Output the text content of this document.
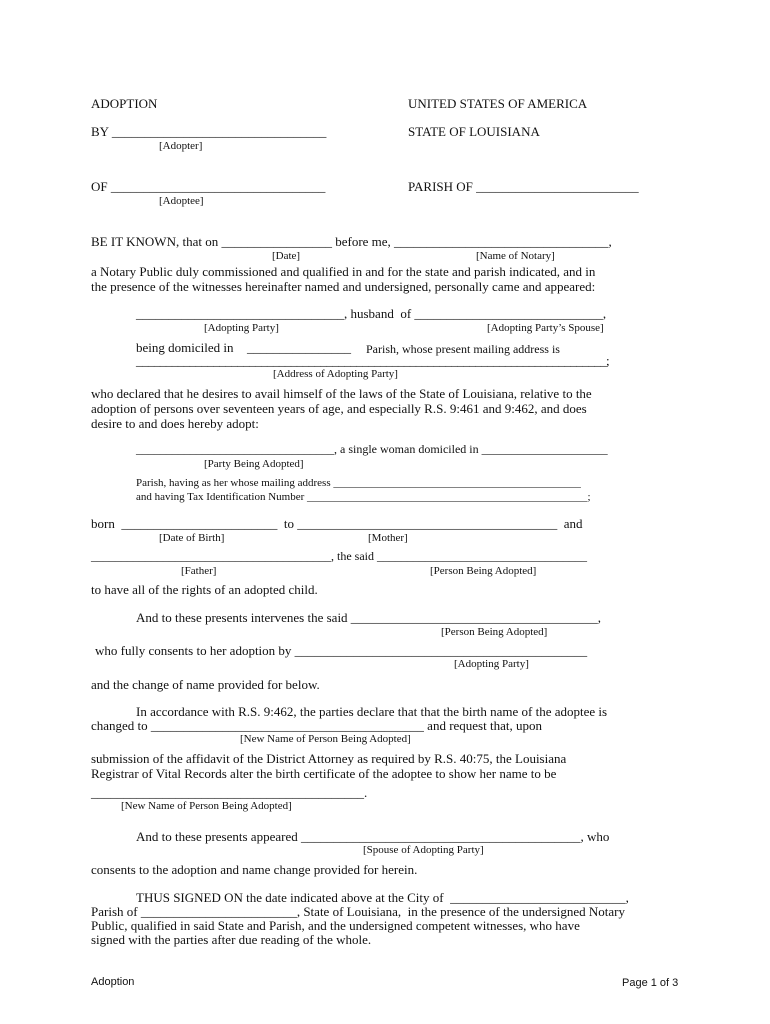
ADOPTION	UNITED STATES OF AMERICA
BY _________________________________	STATE OF LOUISIANA
[Adopter]
OF _________________________________	PARISH OF _________________________
[Adoptee]
BE IT KNOWN, that on _________________ before me, _________________________________,
[Date]	[Name of Notary]
a Notary Public duly commissioned and qualified in and for the state and parish indicated, and in
the presence of the witnesses hereinafter named and undersigned, personally came and appeared:
________________________________, husband  of _____________________________,
[Adopting Party]	[Adopting Party’s Spouse]
being domiciled in ________________ Parish, whose present mailing address is
_______________________________________________________________________________;
[Address of Adopting Party]
who declared that he desires to avail himself of the laws of the State of Louisiana, relative to the
adoption of persons over seventeen years of age, and especially R.S. 9:461 and 9:462, and does
desire to and does hereby adopt:
_________________________________, a single woman domiciled in _____________________
[Party Being Adopted]
Parish, having as her whose mailing address _____________________________________________
and having Tax Identification Number ___________________________________________________;
born  ________________________  to ________________________________________  and
[Date of Birth]	[Mother]
________________________________________, the said ___________________________________
[Father]	[Person Being Adopted]
to have all of the rights of an adopted child.
And to these presents intervenes the said ______________________________________,
[Person Being Adopted]
who fully consents to her adoption by _____________________________________________
[Adopting Party]
and the change of name provided for below.
In accordance with R.S. 9:462, the parties declare that that the birth name of the adoptee is
changed to __________________________________________ and request that, upon
[New Name of Person Being Adopted]
submission of the affidavit of the District Attorney as required by R.S. 40:75, the Louisiana
Registrar of Vital Records alter the birth certificate of the adoptee to show her name to be
__________________________________________.
[New Name of Person Being Adopted]
And to these presents appeared ___________________________________________, who
[Spouse of Adopting Party]
consents to the adoption and name change provided for herein.
THUS SIGNED ON the date indicated above at the City of  ___________________________,
Parish of ________________________, State of Louisiana,  in the presence of the undersigned Notary
Public, qualified in said State and Parish, and the undersigned competent witnesses, who have
signed with the parties after due reading of the whole.
Adoption	Page 1 of 3
